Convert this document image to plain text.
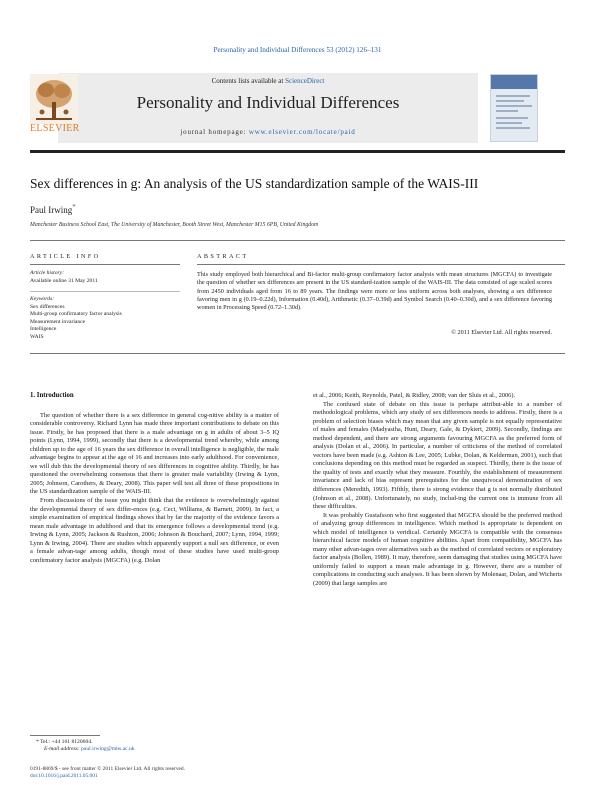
Personality and Individual Differences 53 (2012) 126–131
Contents lists available at ScienceDirect
Personality and Individual Differences
journal homepage: www.elsevier.com/locate/paid
ELSEVIER
Sex differences in g: An analysis of the US standardization sample of the WAIS-III
Paul Irwing*
Manchester Business School East, The University of Manchester, Booth Street West, Manchester M15 6PB, United Kingdom
ARTICLE INFO
Article history:
Available online 31 May 2011
Keywords:
Sex differences
Multi-group confirmatory factor analysis
Measurement invariance
Intelligence
WAIS
ABSTRACT
This study employed both hierarchical and Bi-factor multi-group confirmatory factor analysis with mean structures (MGCFA) to investigate the question of whether sex differences are present in the US standard-ization sample of the WAIS-III. The data consisted of age scaled scores from 2450 individuals aged from 16 to 89 years. The findings were more or less uniform across both analyses, showing a sex difference favoring men in g (0.19–0.22d), Information (0.40d), Arithmetic (0.37–0.39d) and Symbol Search (0.40–0.30d), and a sex difference favoring women in Processing Speed (0.72–1.30d).
© 2011 Elsevier Ltd. All rights reserved.
1. Introduction

The question of whether there is a sex difference in general cog-nitive ability is a matter of considerable controversy. Richard Lynn has made three important contributions to debate on this issue. Firstly, he has proposed that there is a male advantage on g in adults of about 3–5 IQ points (Lynn, 1994, 1999), secondly that there is a developmental trend whereby, while among children up to the age of 16 years the sex difference in overall intelligence is negligible, the male advantage begins to appear at the age of 16 and increases into early adulthood. For convenience, we will dub this the developmental theory of sex differences in cognitive ability. Thirdly, he has questioned the overwhelming consensus that there is greater male variability (Irwing & Lynn, 2005; Johnson, Carothers, & Deary, 2008). This paper will test all three of these propositions in the US standardization sample of the WAIS-III.

From discussions of the issue you might think that the evidence is overwhelmingly against the developmental theory of sex differ-ences (e.g. Ceci, Williams, & Barnett, 2009). In fact, a simple examination of empirical findings shows that by far the majority of the evidence favors a mean male advantage in adulthood and that its emergence follows a developmental trend (e.g. Irwing & Lynn, 2005; Jackson & Rushton, 2006; Johnson & Bouchard, 2007; Lynn, 1994, 1999; Lynn & Irwing, 2004). There are studies which apparently support a null sex difference, or even a female advan-tage among adults, though most of these studies have used multi-group confirmatory factor analysis (MGCFA) (e.g. Dolan

et al., 2006; Keith, Reynolds, Patel, & Ridley, 2008; van der Sluis et al., 2006).

The confused state of debate on this issue is perhaps attribut-able to a number of methodological problems, which any study of sex differences needs to address. Firstly, there is a problem of selection biases which may mean that any given sample is not equally representative of males and females (Madyastha, Hunt, Deary, Gale, & Dykiert, 2009). Secondly, findings are method dependent, and there are strong arguments favouring MGCFA as the preferred form of analysis (Dolan et al., 2006). In particular, a number of criticisms of the method of correlated vectors have been made (e.g. Ashton & Lee, 2005; Lubke, Dolan, & Kelderman, 2001), such that conclusions depending on this method must be regarded as suspect. Thirdly, there is the issue of the quality of tests and exactly what they measure. Fourthly, the establishment of measurement invariance and lack of bias represent prerequisites for the unequivocal demonstration of sex differences (Meredith, 1993). Fifthly, there is strong evidence that g is not normally distributed (Johnson et al., 2008). Unfortunately, no study, includ-ing the current one is immune from all these difficulties.

It was probably Gustafsson who first suggested that MGCFA should be the preferred method of analyzing group differences in intelligence. Which method is appropriate is dependent on which model of intelligence is veridical. Certainly MGCFA is compatible with the consensus hierarchical factor models of human cognitive abilities. Apart from compatibility, MGCFA has many other advan-tages over alternatives such as the method of correlated vectors or exploratory factor analysis (Bollen, 1989). It may, therefore, seem damaging that studies using MGCFA have uniformly failed to support a mean male advantage in g. However, there are a number of complications in conducting such analyses. It has been shown by Molenaar, Dolan, and Wicherts (2009) that large samples are

* Tel.: +44 161 8120604.
E-mail address: paul.irwing@mbs.ac.uk
0191-8869/$ - see front matter © 2011 Elsevier Ltd. All rights reserved.
doi:10.1016/j.paid.2011.05.001
